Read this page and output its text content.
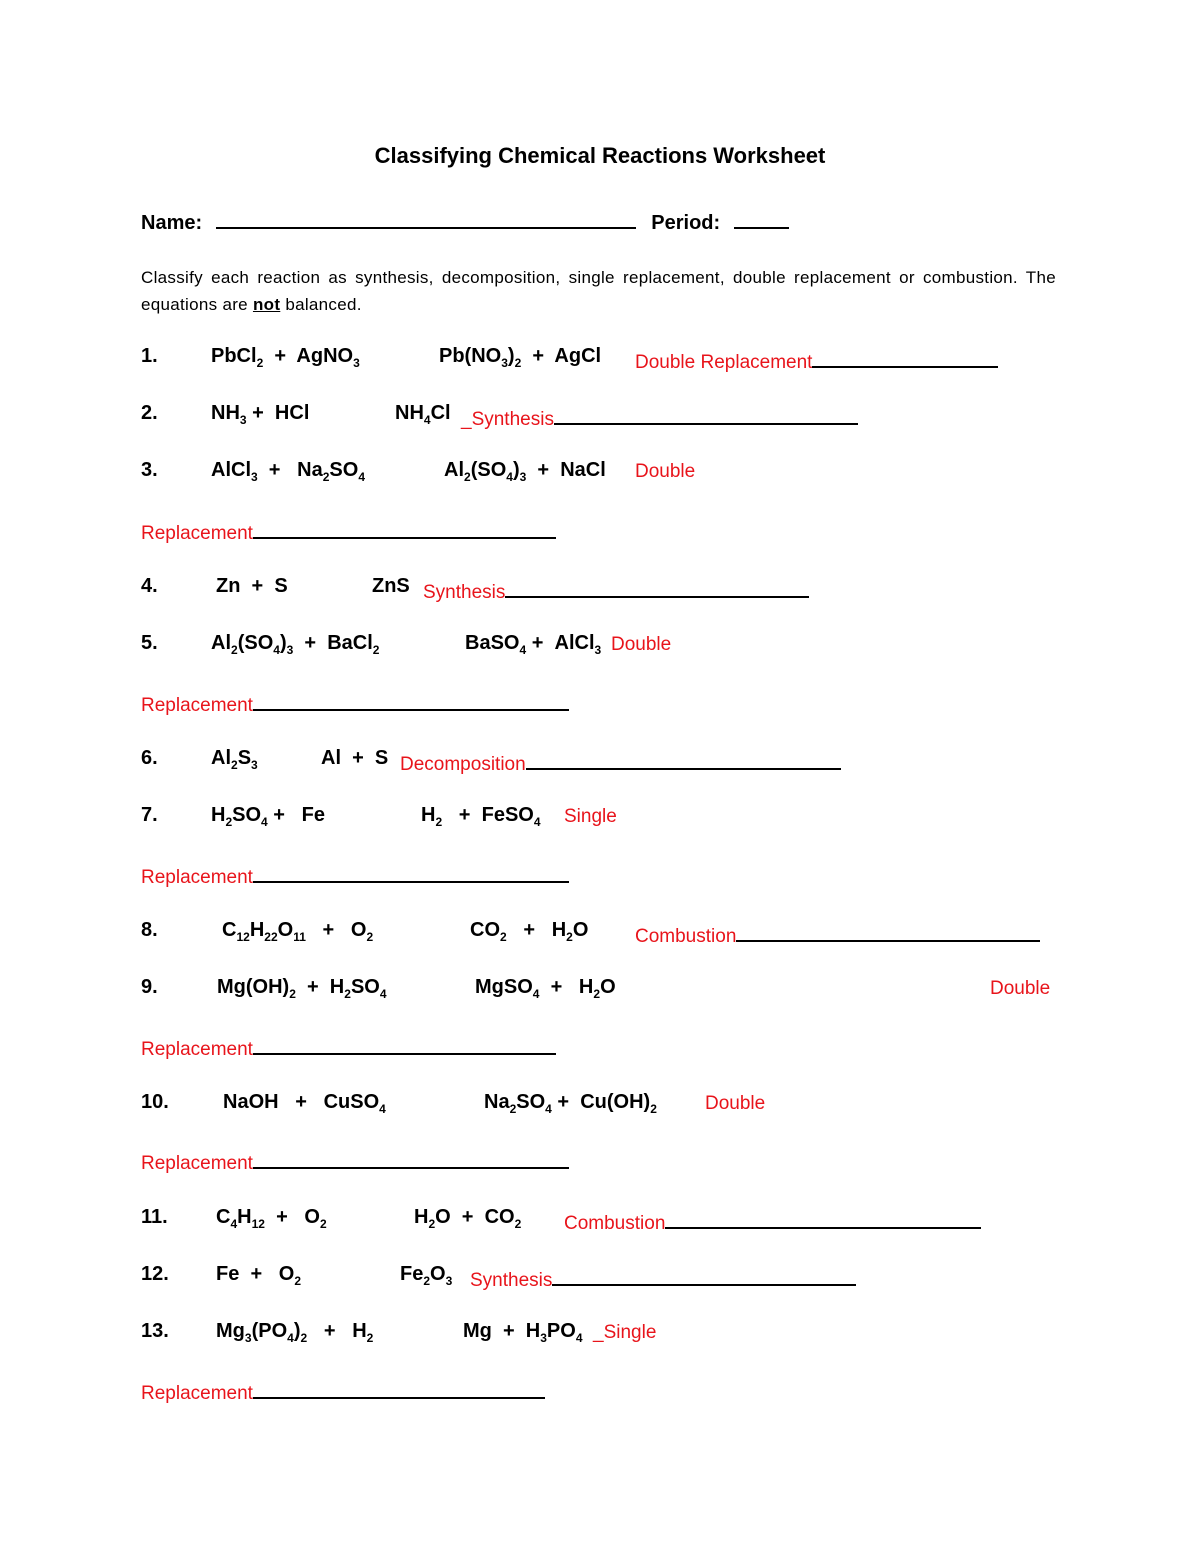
Classifying Chemical Reactions Worksheet
Name:	Period:
Classify each reaction as synthesis, decomposition, single replacement, double replacement or combustion. The equations are not balanced.
1.	PbCl$_2$  +  AgNO$_3$	$Pb(NO_3)_2$  +  AgCl Double Replacement
2.	$NH_3$ +  HCl	$NH_4Cl$ _Synthesis
3.	AlCl$_3$  +   $Na_2SO_4$	$Al_2(SO_4)_3$  +  NaCl Double
Replacement
4.	Zn  +  S	ZnS Synthesis
5.	$Al_2(SO_4)_3$  +  BaCl$_2$	BaSO$_4$ +  AlCl$_3$ Double
Replacement
6.	$Al_2S_3$	Al  +  S Decomposition
7.	$H_2SO_4 + Fe$	$H_2$   +  FeSO$_4$ Single
Replacement
8.	$C_{12}H_{22}O_{11} + O_2$	$CO_2 + H_2O$ Combustion
9.	$Mg(OH)_2 + H_2SO_4$	MgSO$_4$  +   $H_2O$	Double
Replacement
10.	NaOH   +   CuSO$_4$	$Na_2SO_4 + Cu(OH)_2$	Double
Replacement
11. $C_4H_{12} + O_2$	$H_2O + CO_2$ Combustion
12. $Fe + O_2$	$Fe_2O_3$ Synthesis
13. $Mg_3(PO_4)_2 + H_2$	$Mg + H_3PO_4$ _Single
Replacement
